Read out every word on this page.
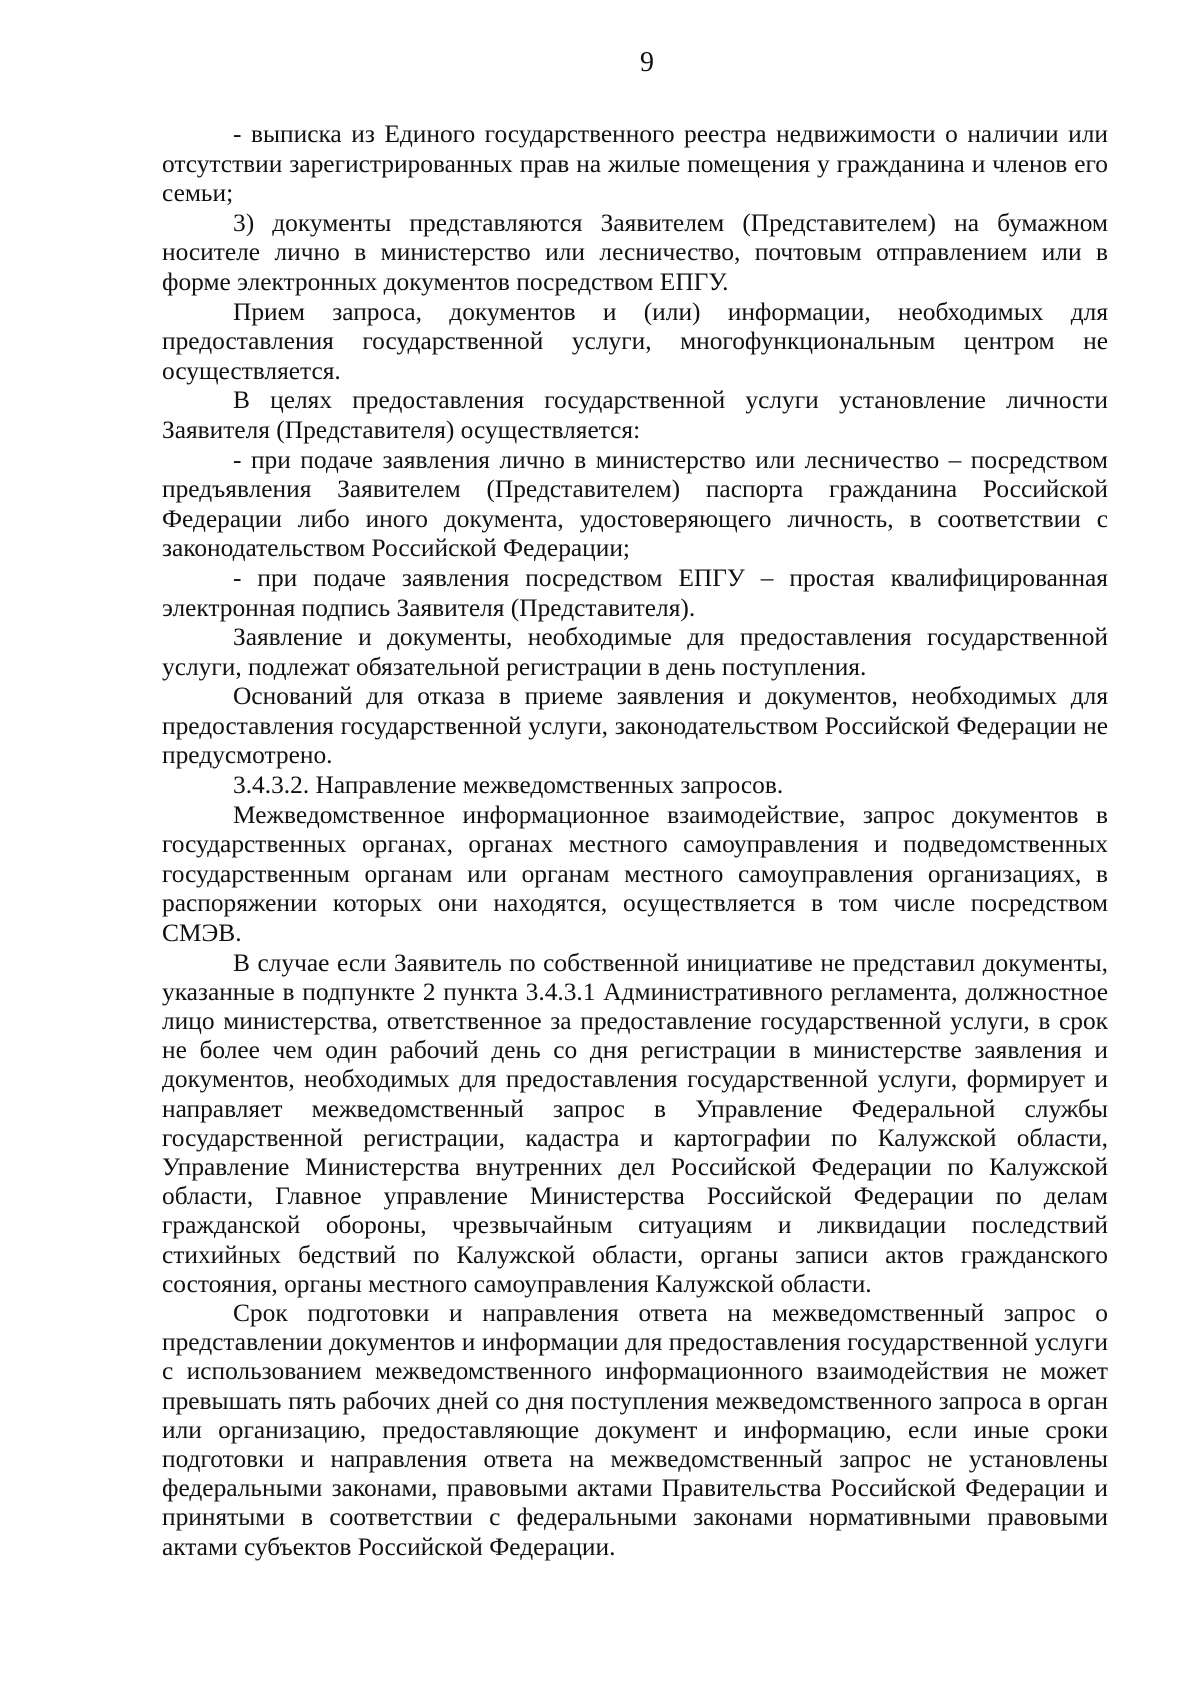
9

- выписка из Единого государственного реестра недвижимости о наличии или отсутствии зарегистрированных прав на жилые помещения у гражданина и членов его семьи;

3) документы представляются Заявителем (Представителем) на бумажном носителе лично в министерство или лесничество, почтовым отправлением или в форме электронных документов посредством ЕПГУ.

Прием запроса, документов и (или) информации, необходимых для предоставления государственной услуги, многофункциональным центром не осуществляется.

В целях предоставления государственной услуги установление личности Заявителя (Представителя) осуществляется:

- при подаче заявления лично в министерство или лесничество – посредством предъявления Заявителем (Представителем) паспорта гражданина Российской Федерации либо иного документа, удостоверяющего личность, в соответствии с законодательством Российской Федерации;

- при подаче заявления посредством ЕПГУ – простая квалифицированная электронная подпись Заявителя (Представителя).

Заявление и документы, необходимые для предоставления государственной услуги, подлежат обязательной регистрации в день поступления.

Оснований для отказа в приеме заявления и документов, необходимых для предоставления государственной услуги, законодательством Российской Федерации не предусмотрено.

3.4.3.2. Направление межведомственных запросов.

Межведомственное информационное взаимодействие, запрос документов в государственных органах, органах местного самоуправления и подведомственных государственным органам или органам местного самоуправления организациях, в распоряжении которых они находятся, осуществляется в том числе посредством СМЭВ.

В случае если Заявитель по собственной инициативе не представил документы, указанные в подпункте 2 пункта 3.4.3.1 Административного регламента, должностное лицо министерства, ответственное за предоставление государственной услуги, в срок не более чем один рабочий день со дня регистрации в министерстве заявления и документов, необходимых для предоставления государственной услуги, формирует и направляет межведомственный запрос в Управление Федеральной службы государственной регистрации, кадастра и картографии по Калужской области, Управление Министерства внутренних дел Российской Федерации по Калужской области, Главное управление Министерства Российской Федерации по делам гражданской обороны, чрезвычайным ситуациям и ликвидации последствий стихийных бедствий по Калужской области, органы записи актов гражданского состояния, органы местного самоуправления Калужской области.

Срок подготовки и направления ответа на межведомственный запрос о представлении документов и информации для предоставления государственной услуги с использованием межведомственного информационного взаимодействия не может превышать пять рабочих дней со дня поступления межведомственного запроса в орган или организацию, предоставляющие документ и информацию, если иные сроки подготовки и направления ответа на межведомственный запрос не установлены федеральными законами, правовыми актами Правительства Российской Федерации и принятыми в соответствии с федеральными законами нормативными правовыми актами субъектов Российской Федерации.
